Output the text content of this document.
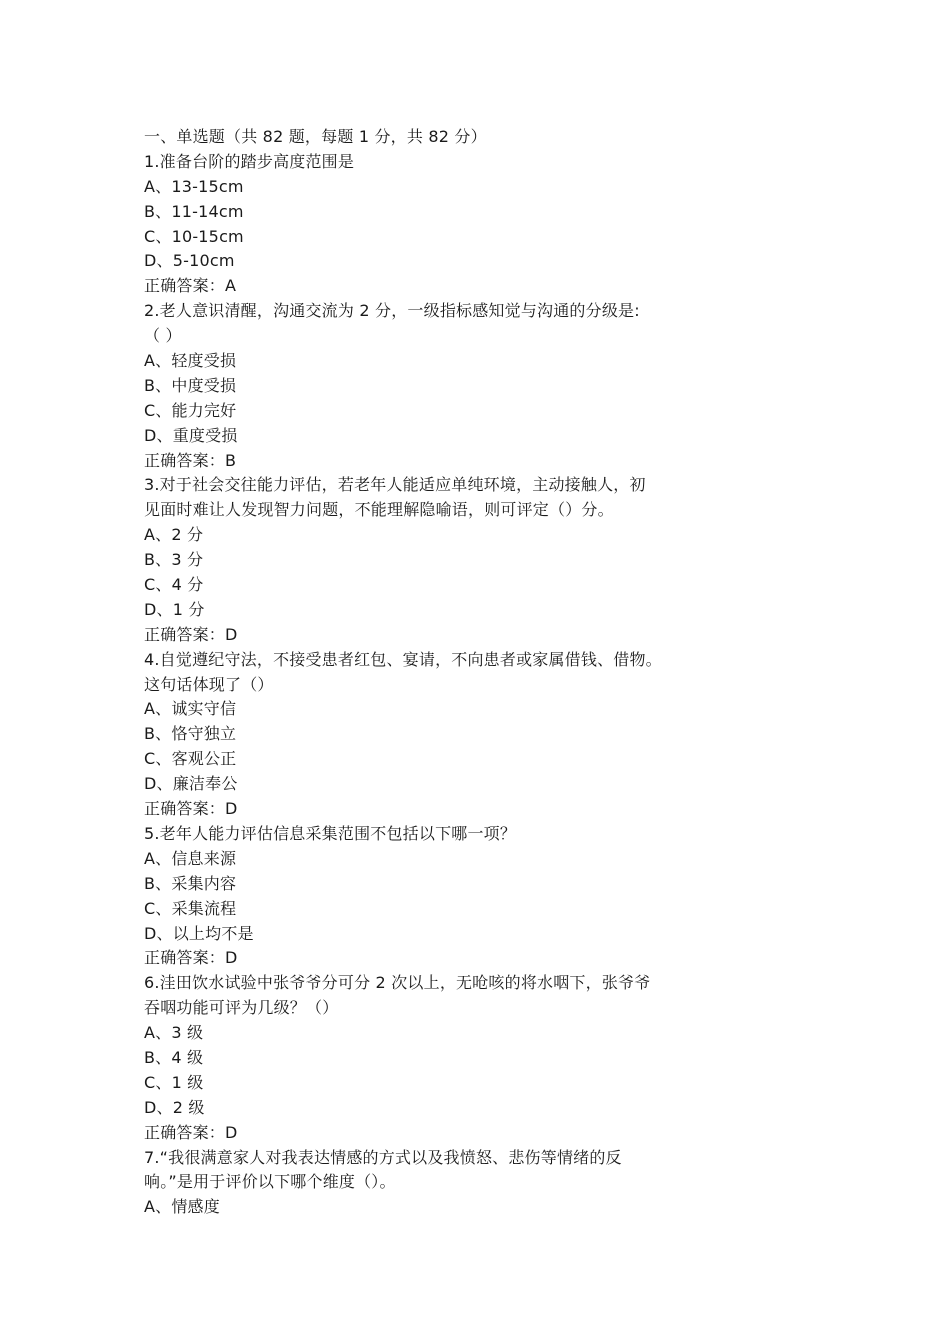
一、单选题（共 82 题，每题 1 分，共 82 分）
1.准备台阶的踏步高度范围是
A、13-15cm
B、11-14cm
C、10-15cm
D、5-10cm
正确答案：A
2.老人意识清醒，沟通交流为 2 分，一级指标感知觉与沟通的分级是:
（ ）
A、轻度受损
B、中度受损
C、能力完好
D、重度受损
正确答案：B
3.对于社会交往能力评估，若老年人能适应单纯环境，主动接触人，初
见面时难让人发现智力问题，不能理解隐喻语，则可评定（）分。
A、2 分
B、3 分
C、4 分
D、1 分
正确答案：D
4.自觉遵纪守法，不接受患者红包、宴请，不向患者或家属借钱、借物。
这句话体现了（）
A、诚实守信
B、恪守独立
C、客观公正
D、廉洁奉公
正确答案：D
5.老年人能力评估信息采集范围不包括以下哪一项？
A、信息来源
B、采集内容
C、采集流程
D、以上均不是
正确答案：D
6.洼田饮水试验中张爷爷分可分 2 次以上，无呛咳的将水咽下，张爷爷
吞咽功能可评为几级？（）
A、3 级
B、4 级
C、1 级
D、2 级
正确答案：D
7.“我很满意家人对我表达情感的方式以及我愤怒、悲伤等情绪的反
响。”是用于评价以下哪个维度（）。
A、情感度
